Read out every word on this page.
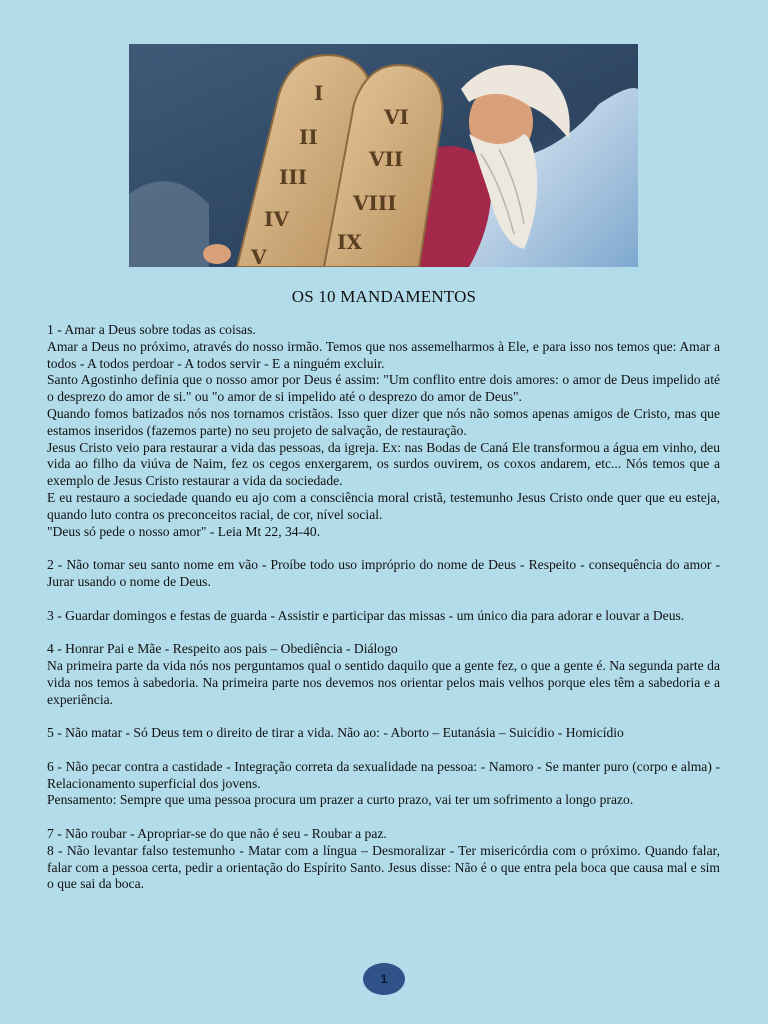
I
II
III
IV
V
VI
VII
VIII
IX
X
OS 10 MANDAMENTOS

1 - Amar a Deus sobre todas as coisas.

Amar a Deus no próximo, através do nosso irmão. Temos que nos assemelharmos à Ele, e para isso nos temos que: Amar a todos - A todos perdoar - A todos servir - E a ninguém excluir.

Santo Agostinho definia que o nosso amor por Deus é assim: "Um conflito entre dois amores: o amor de Deus impelido até o desprezo do amor de si." ou "o amor de si impelido até o desprezo do amor de Deus".

Quando fomos batizados nós nos tornamos cristãos. Isso quer dizer que nós não somos apenas amigos de Cristo, mas que estamos inseridos (fazemos parte) no seu projeto de salvação, de restauração.

Jesus Cristo veio para restaurar a vida das pessoas, da igreja. Ex: nas Bodas de Caná Ele transformou a água em vinho, deu vida ao filho da viúva de Naim, fez os cegos enxergarem, os surdos ouvirem, os coxos andarem, etc... Nós temos que a exemplo de Jesus Cristo restaurar a vida da sociedade.

E eu restauro a sociedade quando eu ajo com a consciência moral cristã, testemunho Jesus Cristo onde quer que eu esteja, quando luto contra os preconceitos racial, de cor, nível social.

"Deus só pede o nosso amor" - Leia Mt 22, 34-40.

2 - Não tomar seu santo nome em vão - Proíbe todo uso impróprio do nome de Deus - Respeito - consequência do amor - Jurar usando o nome de Deus.

3 - Guardar domingos e festas de guarda - Assistir e participar das missas - um único dia para adorar e louvar a Deus.

4 - Honrar Pai e Mãe - Respeito aos pais – Obediência - Diálogo

Na primeira parte da vida nós nos perguntamos qual o sentido daquilo que a gente fez, o que a gente é. Na segunda parte da vida nos temos à sabedoria. Na primeira parte nos devemos nos orientar pelos mais velhos porque eles têm a sabedoria e a experiência.

5 - Não matar - Só Deus tem o direito de tirar a vida. Não ao: - Aborto – Eutanásia – Suicídio - Homicídio

6 - Não pecar contra a castidade - Integração correta da sexualidade na pessoa: - Namoro - Se manter puro (corpo e alma) - Relacionamento superficial dos jovens.

Pensamento: Sempre que uma pessoa procura um prazer a curto prazo, vai ter um sofrimento a longo prazo.

7 - Não roubar - Apropriar-se do que não é seu - Roubar a paz.

8 - Não levantar falso testemunho - Matar com a língua – Desmoralizar - Ter misericórdia com o próximo. Quando falar, falar com a pessoa certa, pedir a orientação do Espírito Santo. Jesus disse: Não é o que entra pela boca que causa mal e sim o que sai da boca.

1
